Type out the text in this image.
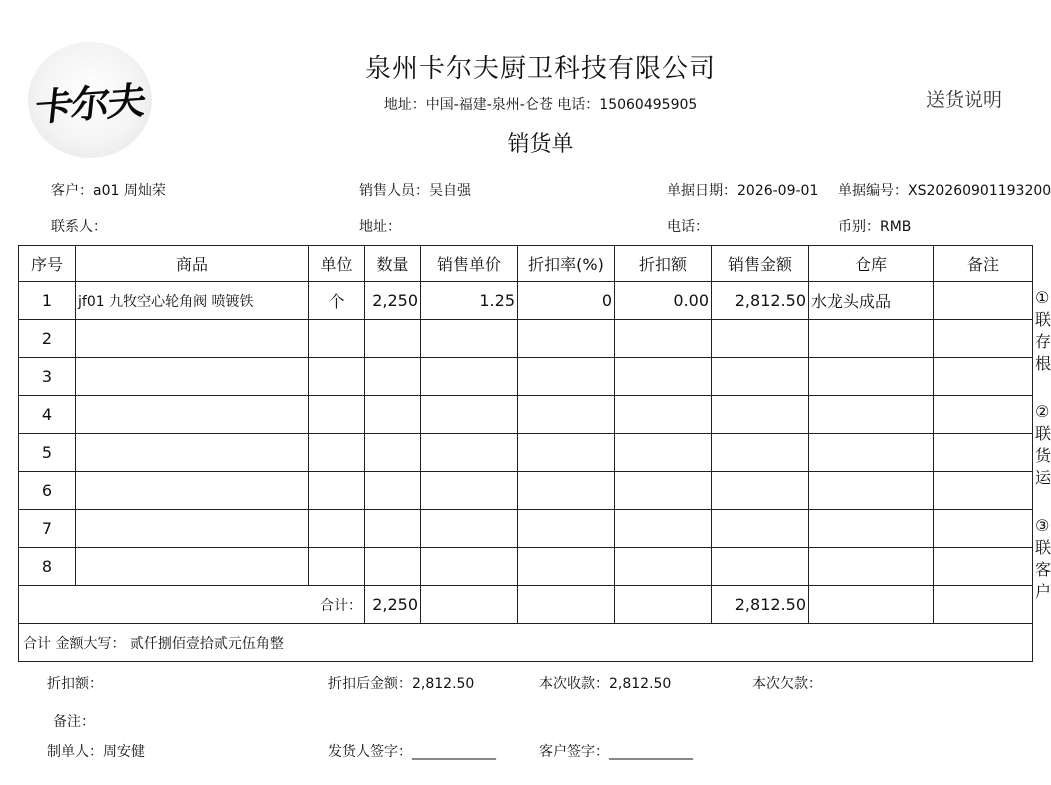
卡尔夫
泉州卡尔夫厨卫科技有限公司
地址：中国-福建-泉州-仑苍 电话：15060495905
销货单
送货说明
客户：a01 周灿荣	销售人员：吴自强	单据日期：2026-09-01 单据编号：XS20260901193200
联系人：	地址：	电话：	币别：RMB
序号	商品	单位	数量	销售单价	折扣率(%)	折扣额	销售金额	仓库	备注
1	jf01 九牧空心轮角阀 喷镀铁	个	2,250	1.25	0	0.00	2,812.50	水龙头成品	
2									
3									
4									
5									
6									
7									
8									
合计：			2,250				2,812.50		
合计 金额大写： 贰仟捌佰壹拾贰元伍角整									
①联存根
②联货运
③联客户
折扣额：	折扣后金额：2,812.50	本次收款：2,812.50	本次欠款：
备注：
制单人：周安健	发货人签字：____________	客户签字：____________
